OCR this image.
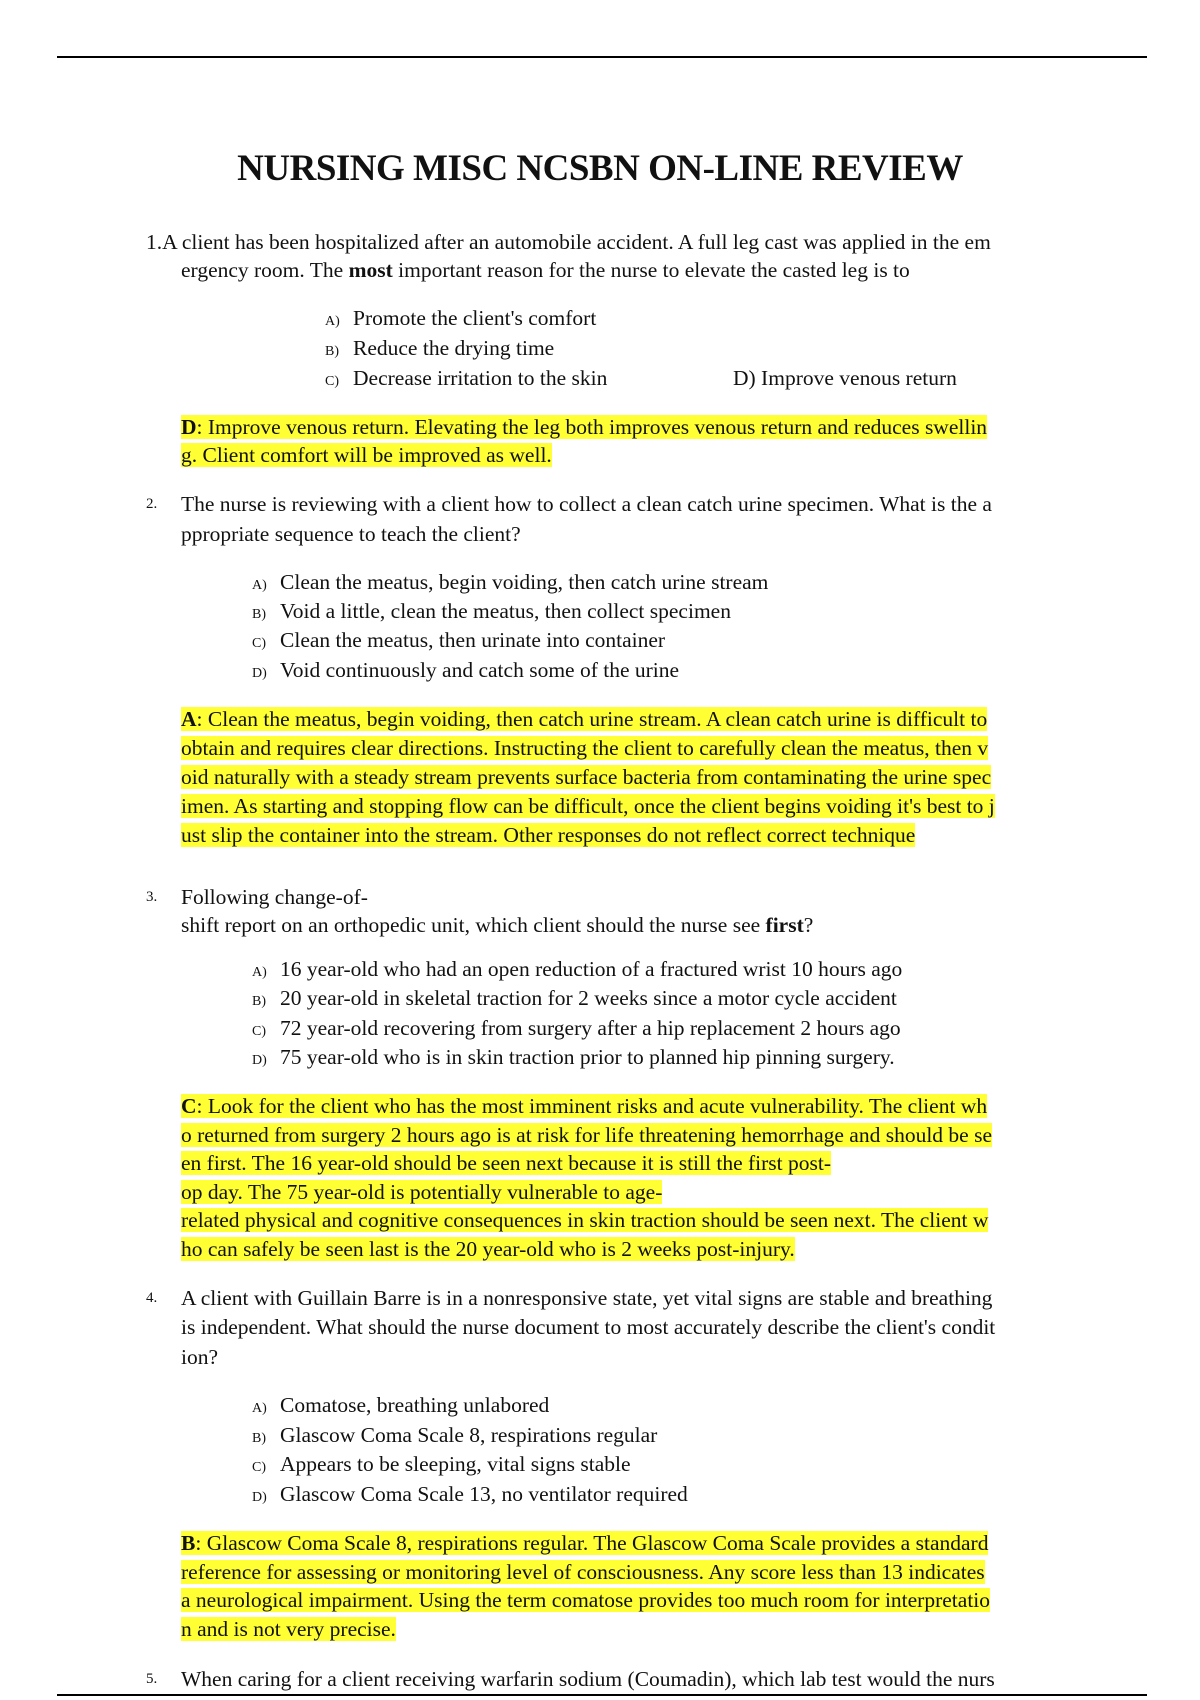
NURSING MISC NCSBN ON-LINE REVIEW
1.A client has been hospitalized after an automobile accident. A full leg cast was applied in the em
ergency room. The most important reason for the nurse to elevate the casted leg is to
A) Promote the client's comfort
B) Reduce the drying time
C) Decrease irritation to the skin	D) Improve venous return
D: Improve venous return. Elevating the leg both improves venous return and reduces swellin
g. Client comfort will be improved as well.
2. The nurse is reviewing with a client how to collect a clean catch urine specimen. What is the a
ppropriate sequence to teach the client?
A) Clean the meatus, begin voiding, then catch urine stream
B) Void a little, clean the meatus, then collect specimen
C) Clean the meatus, then urinate into container
D) Void continuously and catch some of the urine
A: Clean the meatus, begin voiding, then catch urine stream. A clean catch urine is difficult to
obtain and requires clear directions. Instructing the client to carefully clean the meatus, then v
oid naturally with a steady stream prevents surface bacteria from contaminating the urine spec
imen. As starting and stopping flow can be difficult, once the client begins voiding it's best to j
ust slip the container into the stream. Other responses do not reflect correct technique
3. Following change-of-
shift report on an orthopedic unit, which client should the nurse see first?
A) 16 year-old who had an open reduction of a fractured wrist 10 hours ago
B) 20 year-old in skeletal traction for 2 weeks since a motor cycle accident
C) 72 year-old recovering from surgery after a hip replacement 2 hours ago
D) 75 year-old who is in skin traction prior to planned hip pinning surgery.
C: Look for the client who has the most imminent risks and acute vulnerability. The client wh
o returned from surgery 2 hours ago is at risk for life threatening hemorrhage and should be se
en first. The 16 year-old should be seen next because it is still the first post-
op day. The 75 year-old is potentially vulnerable to age-
related physical and cognitive consequences in skin traction should be seen next. The client w
ho can safely be seen last is the 20 year-old who is 2 weeks post-injury.
4. A client with Guillain Barre is in a nonresponsive state, yet vital signs are stable and breathing
is independent. What should the nurse document to most accurately describe the client's condit
ion?
A) Comatose, breathing unlabored
B) Glascow Coma Scale 8, respirations regular
C) Appears to be sleeping, vital signs stable
D) Glascow Coma Scale 13, no ventilator required
B: Glascow Coma Scale 8, respirations regular. The Glascow Coma Scale provides a standard
reference for assessing or monitoring level of consciousness. Any score less than 13 indicates
a neurological impairment. Using the term comatose provides too much room for interpretatio
n and is not very precise.
5. When caring for a client receiving warfarin sodium (Coumadin), which lab test would the nurs
